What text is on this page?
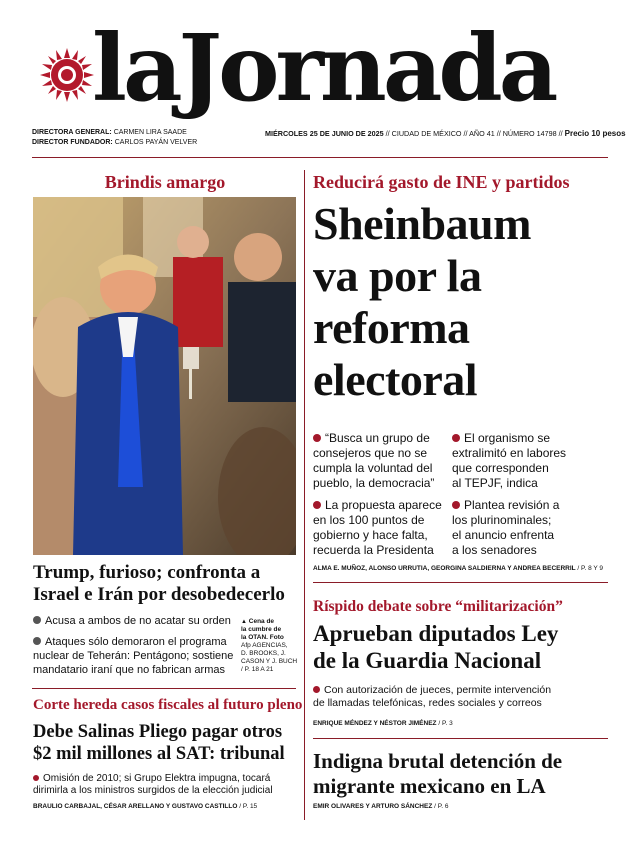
laJornada
DIRECTORA GENERAL: CARMEN LIRA SAADE
DIRECTOR FUNDADOR: CARLOS PAYÁN VELVER
MIÉRCOLES 25 DE JUNIO DE 2025 // CIUDAD DE MÉXICO // AÑO 41 // NÚMERO 14798 // Precio 10 pesos
Brindis amargo
Trump, furioso; confronta a
Israel e Irán por desobedecerlo
Acusa a ambos de no acatar su orden
Ataques sólo demoraron el programa
nuclear de Teherán: Pentágono; sostiene
mandatario iraní que no fabrican armas
▲ Cena de
la cumbre de
la OTAN. Foto
Afp AGENCIAS,
D. BROOKS, J.
CASON Y J. BUCH
/ P. 18 A 21
Corte hereda casos fiscales al futuro pleno
Debe Salinas Pliego pagar otros
$2 mil millones al SAT: tribunal
Omisión de 2010; si Grupo Elektra impugna, tocará
dirimirla a los ministros surgidos de la elección judicial
BRAULIO CARBAJAL, CÉSAR ARELLANO Y GUSTAVO CASTILLO / P. 15
Reducirá gasto de INE y partidos
Sheinbaum
va por la
reforma
electoral
“Busca un grupo de
consejeros que no se
cumpla la voluntad del
pueblo, la democracia”
El organismo se
extralimitó en labores
que corresponden
al TEPJF, indica
La propuesta aparece
en los 100 puntos de
gobierno y hace falta,
recuerda la Presidenta
Plantea revisión a
los plurinominales;
el anuncio enfrenta
a los senadores
ALMA E. MUÑOZ, ALONSO URRUTIA, GEORGINA SALDIERNA Y ANDREA BECERRIL / P. 8 Y 9
Ríspido debate sobre “militarización”
Aprueban diputados Ley
de la Guardia Nacional
Con autorización de jueces, permite intervención
de llamadas telefónicas, redes sociales y correos
ENRIQUE MÉNDEZ Y NÉSTOR JIMÉNEZ / P. 3
Indigna brutal detención de
migrante mexicano en LA
EMIR OLIVARES Y ARTURO SÁNCHEZ / P. 6
